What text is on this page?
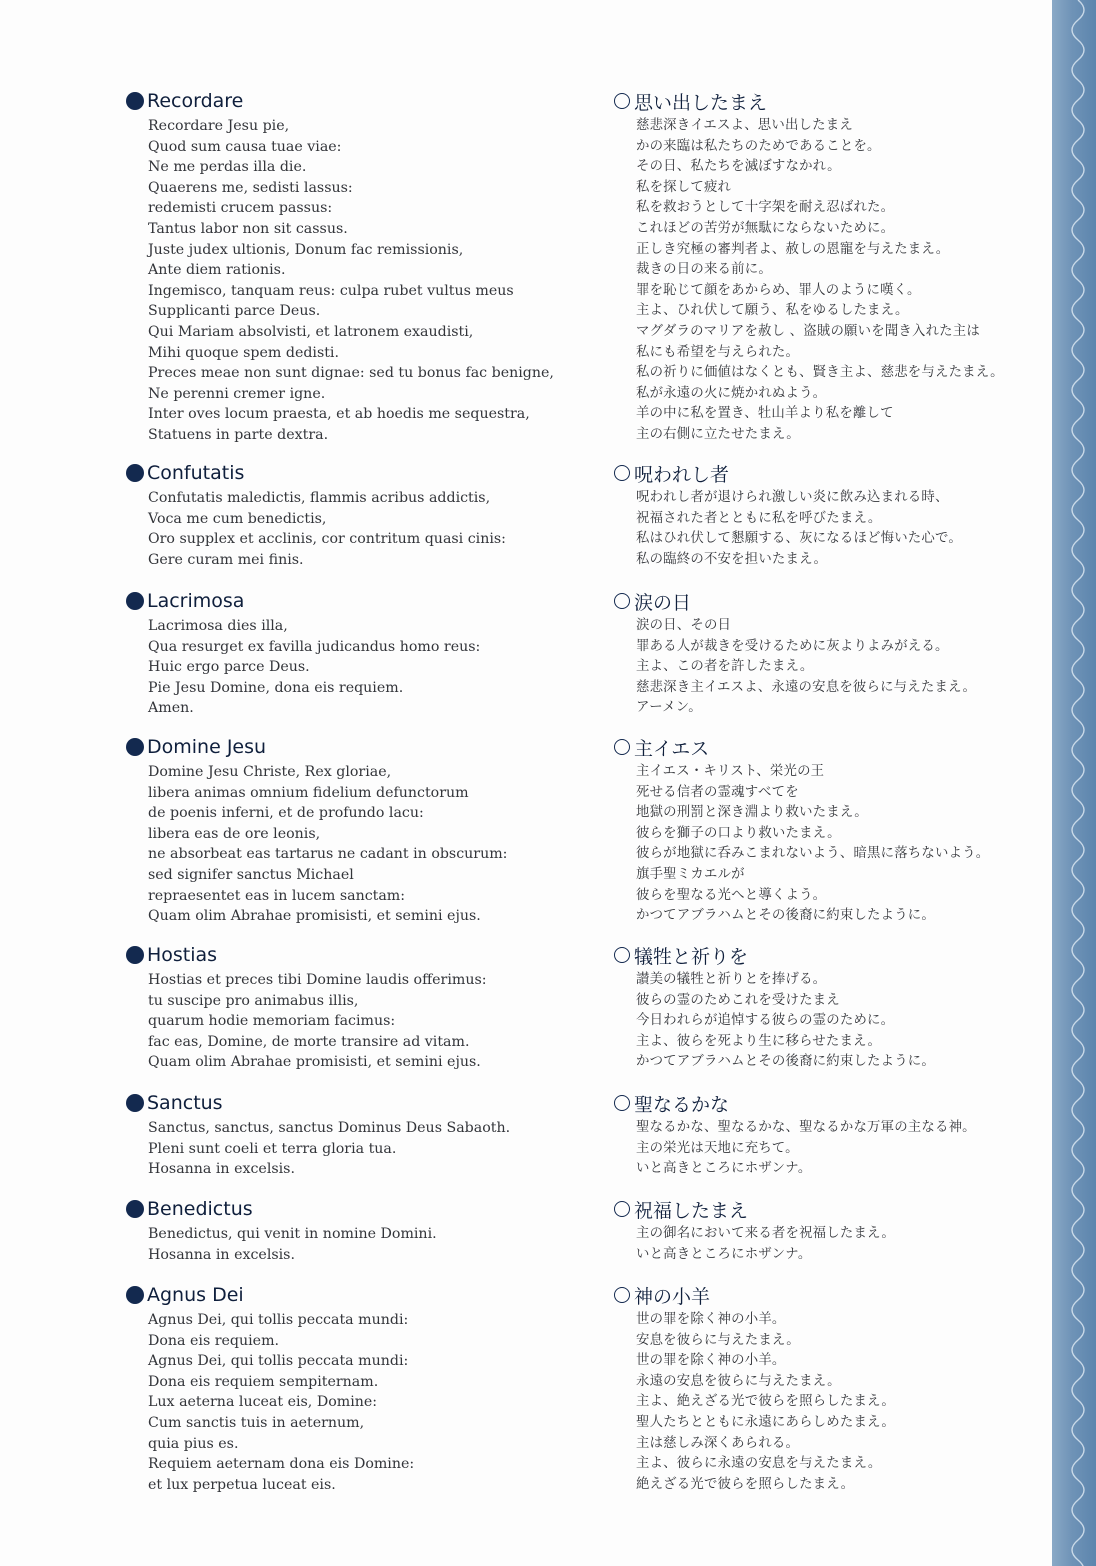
Recordare
Recordare Jesu pie,
Quod sum causa tuae viae:
Ne me perdas illa die.
Quaerens me, sedisti lassus:
redemisti crucem passus:
Tantus labor non sit cassus.
Juste judex ultionis, Donum fac remissionis,
Ante diem rationis.
Ingemisco, tanquam reus: culpa rubet vultus meus
Supplicanti parce Deus.
Qui Mariam absolvisti, et latronem exaudisti,
Mihi quoque spem dedisti.
Preces meae non sunt dignae: sed tu bonus fac benigne,
Ne perenni cremer igne.
Inter oves locum praesta, et ab hoedis me sequestra,
Statuens in parte dextra.
Confutatis
Confutatis maledictis, flammis acribus addictis,
Voca me cum benedictis,
Oro supplex et acclinis, cor contritum quasi cinis:
Gere curam mei finis.
Lacrimosa
Lacrimosa dies illa,
Qua resurget ex favilla judicandus homo reus:
Huic ergo parce Deus.
Pie Jesu Domine, dona eis requiem.
Amen.
Domine Jesu
Domine Jesu Christe, Rex gloriae,
libera animas omnium fidelium defunctorum
de poenis inferni, et de profundo lacu:
libera eas de ore leonis,
ne absorbeat eas tartarus ne cadant in obscurum:
sed signifer sanctus Michael
repraesentet eas in lucem sanctam:
Quam olim Abrahae promisisti, et semini ejus.
Hostias
Hostias et preces tibi Domine laudis offerimus:
tu suscipe pro animabus illis,
quarum hodie memoriam facimus:
fac eas, Domine, de morte transire ad vitam.
Quam olim Abrahae promisisti, et semini ejus.
Sanctus
Sanctus, sanctus, sanctus Dominus Deus Sabaoth.
Pleni sunt coeli et terra gloria tua.
Hosanna in excelsis.
Benedictus
Benedictus, qui venit in nomine Domini.
Hosanna in excelsis.
Agnus Dei
Agnus Dei, qui tollis peccata mundi:
Dona eis requiem.
Agnus Dei, qui tollis peccata mundi:
Dona eis requiem sempiternam.
Lux aeterna luceat eis, Domine:
Cum sanctis tuis in aeternum,
quia pius es.
Requiem aeternam dona eis Domine:
et lux perpetua luceat eis.
思い出したまえ
慈悲深きイエスよ、思い出したまえ
かの来臨は私たちのためであることを。
その日、私たちを滅ぼすなかれ。
私を探して疲れ
私を救おうとして十字架を耐え忍ばれた。
これほどの苦労が無駄にならないために。
正しき究極の審判者よ、赦しの恩寵を与えたまえ。
裁きの日の来る前に。
罪を恥じて顔をあからめ、罪人のように嘆く。
主よ、ひれ伏して願う、私をゆるしたまえ。
マグダラのマリアを赦し 、盗賊の願いを聞き入れた主は
私にも希望を与えられた。
私の祈りに価値はなくとも、賢き主よ、慈悲を与えたまえ。
私が永遠の火に焼かれぬよう。
羊の中に私を置き、牡山羊より私を離して
主の右側に立たせたまえ。
呪われし者
呪われし者が退けられ激しい炎に飲み込まれる時、
祝福された者とともに私を呼びたまえ。
私はひれ伏して懇願する、灰になるほど悔いた心で。
私の臨終の不安を担いたまえ。
涙の日
涙の日、その日
罪ある人が裁きを受けるために灰よりよみがえる。
主よ、この者を許したまえ。
慈悲深き主イエスよ、永遠の安息を彼らに与えたまえ。
アーメン。
主イエス
主イエス・キリスト、栄光の王
死せる信者の霊魂すべてを
地獄の刑罰と深き淵より救いたまえ。
彼らを獅子の口より救いたまえ。
彼らが地獄に呑みこまれないよう、暗黒に落ちないよう。
旗手聖ミカエルが
彼らを聖なる光へと導くよう。
かつてアブラハムとその後裔に約束したように。
犠牲と祈りを
讃美の犠牲と祈りとを捧げる。
彼らの霊のためこれを受けたまえ
今日われらが追悼する彼らの霊のために。
主よ、彼らを死より生に移らせたまえ。
かつてアブラハムとその後裔に約束したように。
聖なるかな
聖なるかな、聖なるかな、聖なるかな万軍の主なる神。
主の栄光は天地に充ちて。
いと高きところにホザンナ。
祝福したまえ
主の御名において来る者を祝福したまえ。
いと高きところにホザンナ。
神の小羊
世の罪を除く神の小羊。
安息を彼らに与えたまえ。
世の罪を除く神の小羊。
永遠の安息を彼らに与えたまえ。
主よ、絶えざる光で彼らを照らしたまえ。
聖人たちとともに永遠にあらしめたまえ。
主は慈しみ深くあられる。
主よ、彼らに永遠の安息を与えたまえ。
絶えざる光で彼らを照らしたまえ。
